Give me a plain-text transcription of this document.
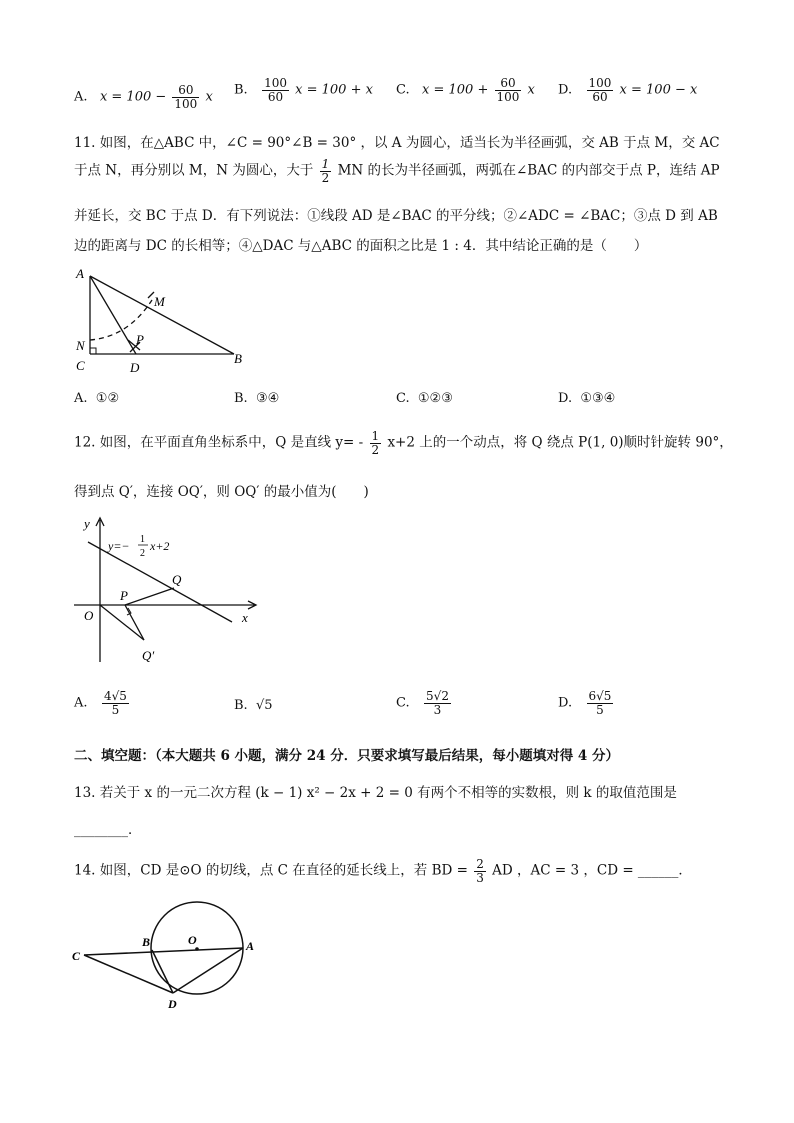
A. $x = 100 - \frac{60}{100}$ x B. $\frac{100}{60}$ x = 100 + x C. $x = 100 + \frac{60}{100}$ x D. $\frac{100}{60}$ x = 100 − x
11. 如图，在△ABC 中，∠C = 90°∠B = 30° ，以 A 为圆心，适当长为半径画弧，交 AB 于点 M，交 AC
于点 N，再分别以 M，N 为圆心，大于 $\frac{1}{2}$ MN 的长为半径画弧，两弧在∠BAC 的内部交于点 P，连结 AP
并延长，交 BC 于点 D．有下列说法：①线段 AD 是∠BAC 的平分线；②∠ADC = ∠BAC；③点 D 到 AB
边的距离与 DC 的长相等；④△DAC 与△ABC 的面积之比是 1 : 4．其中结论正确的是（　　）
A
M
N	P
C	D
B
A. ①②	B. ③④	C. ①②③	D. ①③④
12. 如图，在平面直角坐标系中，Q 是直线 $y= - \frac{1}{2} x+2$ 上的一个动点，将 Q 绕点 P(1, 0)顺时针旋转 90°，
得到点 Q′，连接 OQ′，则 OQ′ 的最小值为(　　)
y
x
O
P
Q
Q′
y=− 1
2
x+2
A. $\frac{4√5}{5}$	B. √5	C. $\frac{5√2}{3}$	D. $\frac{6√5}{5}$
二、填空题：（本大题共 6 小题，满分 24 分．只要求填写最后结果，每小题填对得 4 分）
13. 若关于 x 的一元二次方程 (k − 1) x² − 2x + 2 = 0 有两个不相等的实数根，则 k 的取值范围是
________．
14. 如图，CD 是⊙O 的切线，点 C 在直径的延长线上，若 BD = $\frac{2}{3}$ AD ，AC = 3 ，CD = ______．
C
B	O	A
D
